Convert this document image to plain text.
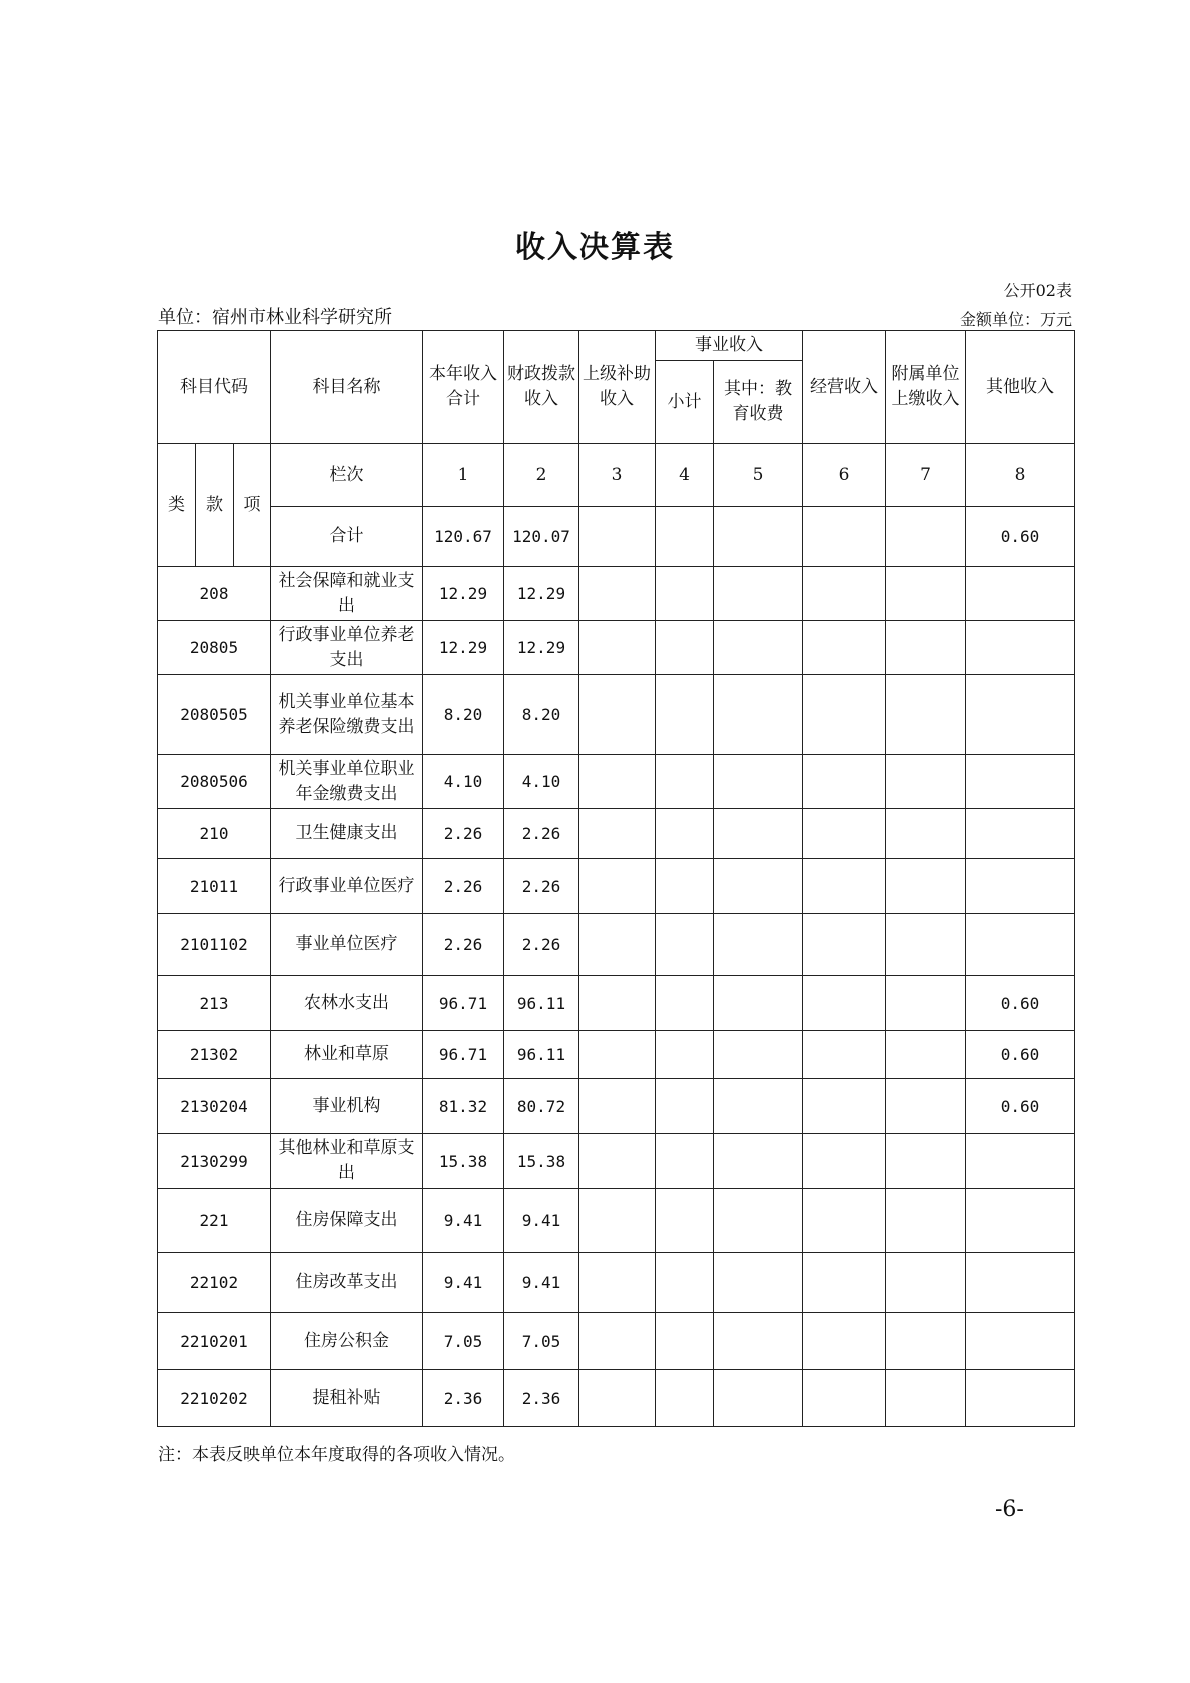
收入决算表
公开02表
单位：宿州市林业科学研究所	金额单位：万元
科目代码			科目名称	本年收入合计	财政拨款收入	上级补助收入	事业收入		经营收入	附属单位上缴收入	其他收入
							小计	其中：教育收费			
类	款	项	栏次	1	2	3	4	5	6	7	8
			合计	120.67	120.07						0.60
208			社会保障和就业支出	12.29	12.29						
20805			行政事业单位养老支出	12.29	12.29						
2080505			机关事业单位基本养老保险缴费支出	8.20	8.20						
2080506			机关事业单位职业年金缴费支出	4.10	4.10						
210			卫生健康支出	2.26	2.26						
21011			行政事业单位医疗	2.26	2.26						
2101102			事业单位医疗	2.26	2.26						
213			农林水支出	96.71	96.11						0.60
21302			林业和草原	96.71	96.11						0.60
2130204			事业机构	81.32	80.72						0.60
2130299			其他林业和草原支出	15.38	15.38						
221			住房保障支出	9.41	9.41						
22102			住房改革支出	9.41	9.41						
2210201			住房公积金	7.05	7.05						
2210202			提租补贴	2.36	2.36						
注：本表反映单位本年度取得的各项收入情况。
-6-
